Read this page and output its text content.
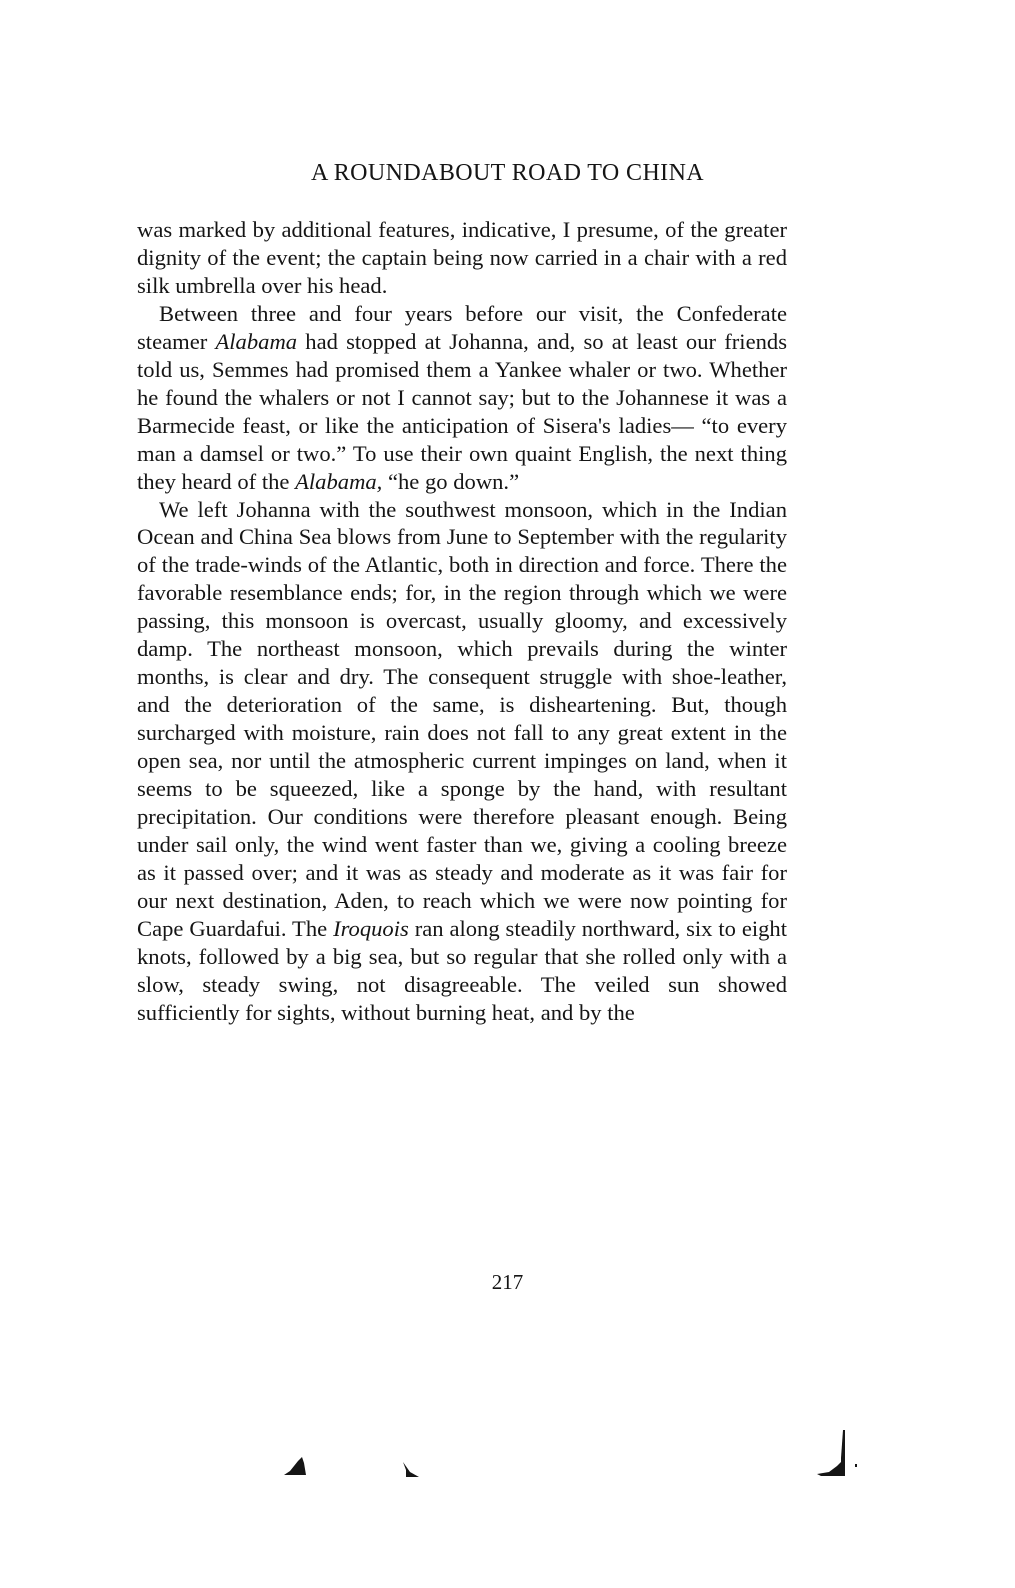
A ROUNDABOUT ROAD TO CHINA

was marked by additional features, indicative, I presume, of the greater dignity of the event; the captain being now carried in a chair with a red silk umbrella over his head.

Between three and four years before our visit, the Confederate steamer Alabama had stopped at Johanna, and, so at least our friends told us, Semmes had promised them a Yankee whaler or two. Whether he found the whalers or not I cannot say; but to the Johannese it was a Barmecide feast, or like the anticipation of Sisera's ladies— “to every man a damsel or two.” To use their own quaint English, the next thing they heard of the Alabama, “he go down.”

We left Johanna with the southwest monsoon, which in the Indian Ocean and China Sea blows from June to September with the regularity of the trade-winds of the Atlantic, both in direction and force. There the favorable resemblance ends; for, in the region through which we were passing, this monsoon is overcast, usually gloomy, and excessively damp. The northeast monsoon, which prevails during the winter months, is clear and dry. The consequent struggle with shoe-leather, and the deterioration of the same, is disheartening. But, though surcharged with moisture, rain does not fall to any great extent in the open sea, nor until the atmospheric current impinges on land, when it seems to be squeezed, like a sponge by the hand, with resultant precipitation. Our conditions were therefore pleasant enough. Being under sail only, the wind went faster than we, giving a cooling breeze as it passed over; and it was as steady and moderate as it was fair for our next destination, Aden, to reach which we were now pointing for Cape Guardafui. The Iroquois ran along steadily northward, six to eight knots, followed by a big sea, but so regular that she rolled only with a slow, steady swing, not disagreeable. The veiled sun showed sufficiently for sights, without burning heat, and by the

217
